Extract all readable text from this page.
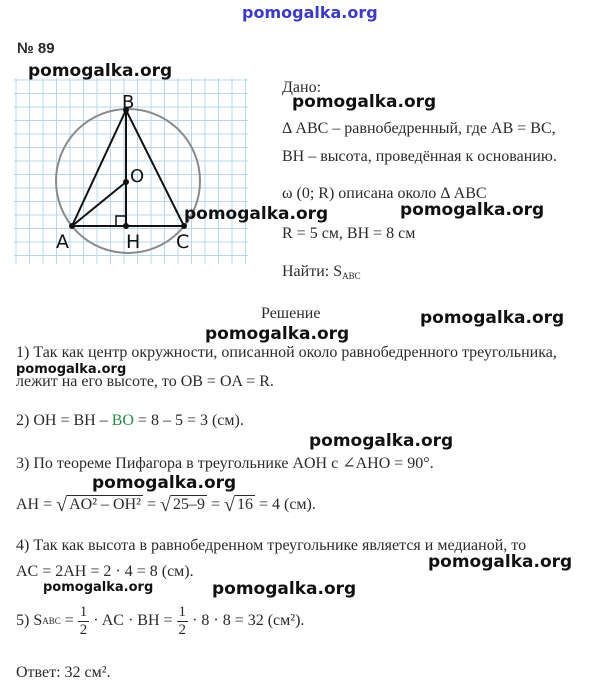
pomogalka.org
№ 89
B
O
A	H C
pomogalka.org
pomogalka.org
pomogalka.org	pomogalka.org
pomogalka.org
pomogalka.org
pomogalka.org
pomogalka.org
pomogalka.org
pomogalka.org
pomogalka.org	pomogalka.org
Дано:
Δ ABC – равнобедренный, где AB = BC,
BH – высота, проведённая к основанию.
ω (0; R) описана около Δ ABC
R = 5 см, BH = 8 см
Найти: $S_{ABC}$
Решение
1) Так как центр окружности, описанной около равнобедренного треугольника,
лежит на его высоте, то OB = OA = R.
2) OH = BH – BO = 8 – 5 = 3 (см).
3) По теореме Пифагора в треугольнике AOH с ∠AHO = 90°.
AH = √ AO² – OH² = √ 25–9 = √ 16 = 4 (см).
4) Так как высота в равнобедренном треугольнике является и медианой, то
AC = 2AH = 2 · 4 = 8 (см).
5) S ABC = $\frac{1}{2}$ · AC · BH = $\frac{1}{2} \cdot 8 \cdot 8 = 32$ (см²).
Ответ: 32 см².
